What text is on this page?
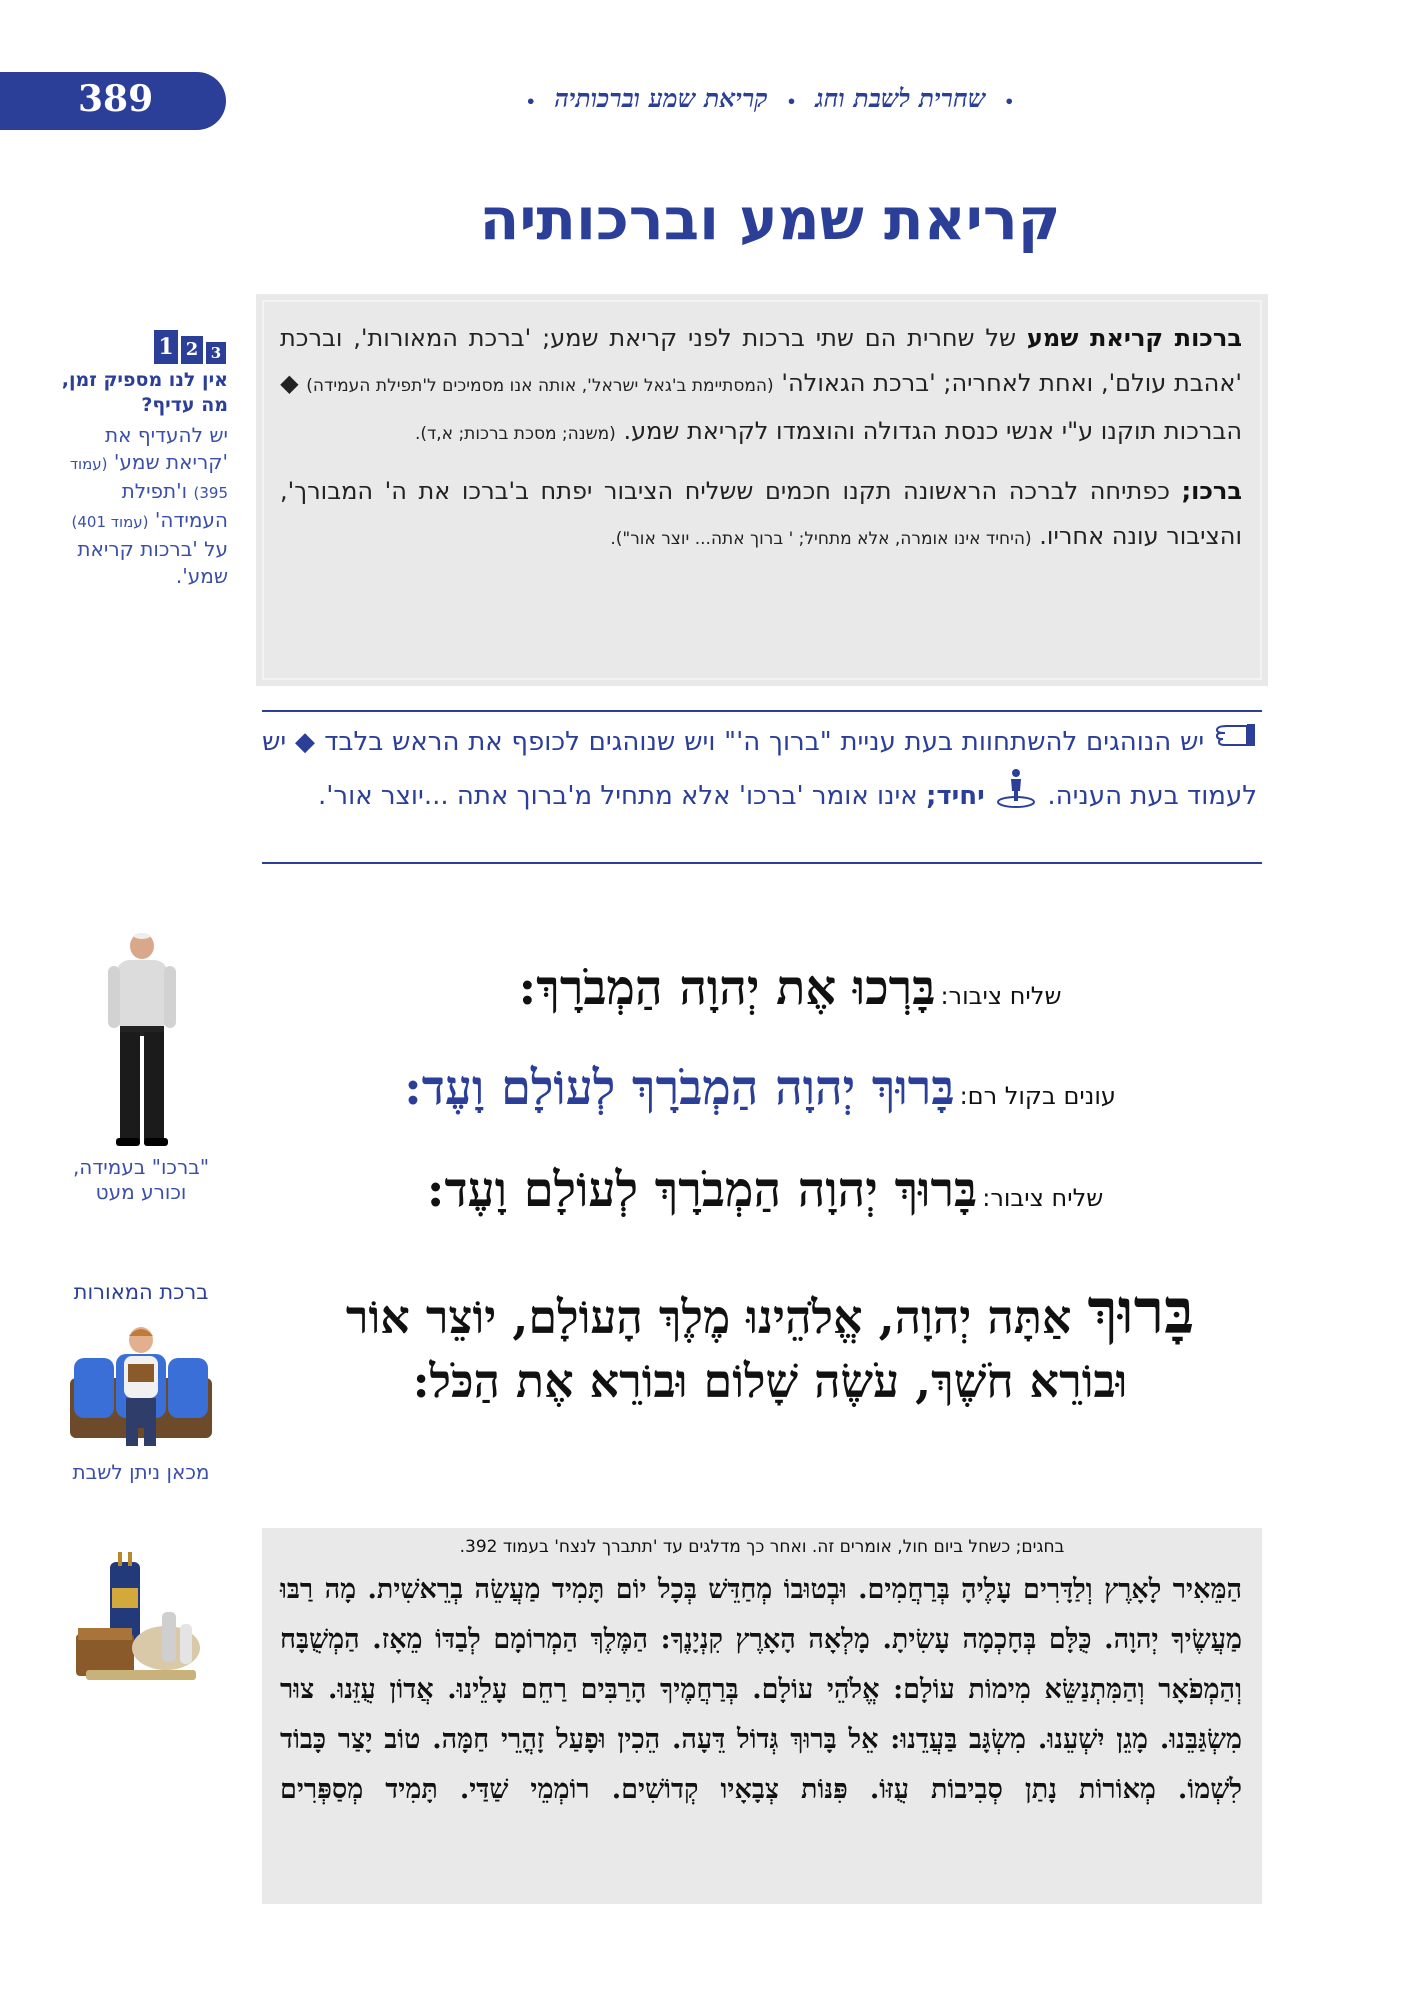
389	• שחרית לשבת וחג • קריאת שמע וברכותיה •
קריאת שמע וברכותיה

ברכות קריאת שמע של שחרית הם שתי ברכות לפני קריאת שמע; 'ברכת המאורות', וברכת 'אהבת עולם', ואחת לאחריה; 'ברכת הגאולה' (המסתיימת ב'גאל ישראל', אותה אנו מסמיכים ל'תפילת העמידה) ◆ הברכות תוקנו ע"י אנשי כנסת הגדולה והוצמדו לקריאת שמע. (משנה; מסכת ברכות; א,ד).

ברכו; כפתיחה לברכה הראשונה תקנו חכמים ששליח הציבור יפתח ב'ברכו את ה' המבורך', והציבור עונה אחריו. (היחיד אינו אומרה, אלא מתחיל; ' ברוך אתה... יוצר אור").

3
2
1
אין לנו מספיק זמן, מה עדיף?
יש להעדיף את 'קריאת שמע' (עמוד 395) ו'תפילת העמידה' (עמוד 401) על 'ברכות קריאת שמע'.
יש הנוהגים להשתחוות בעת עניית "ברוך ה'" ויש שנוהגים לכופף את הראש בלבד ◆ יש לעמוד בעת העניה.  יחיד; אינו אומר 'ברכו' אלא מתחיל מ'ברוך אתה ...יוצר אור'.
שליח ציבור: בָּרְכוּ אֶת יְהוָה הַמְבֹרָךְ:
עונים בקול רם: בָּרוּךְ יְהוָה הַמְבֹרָךְ לְעוֹלָם וָעֶד:
שליח ציבור: בָּרוּךְ יְהוָה הַמְבֹרָךְ לְעוֹלָם וָעֶד:
בָּרוּךְ אַתָּה יְהוָה, אֱלֹהֵינוּ מֶלֶךְ הָעוֹלָם, יוֹצֵר אוֹר
וּבוֹרֵא חֹשֶׁךְ, עֹשֶׂה שָׁלוֹם וּבוֹרֵא אֶת הַכֹּל:
"ברכו" בעמידה, וכורע מעט
ברכת המאורות
מכאן ניתן לשבת
בחגים; כשחל ביום חול, אומרים זה. ואחר כך מדלגים עד 'תתברך לנצח' בעמוד 392.
הַמֵּאִיר לָאָרֶץ וְלַדָּרִים עָלֶיהָ בְּרַחֲמִים. וּבְטוּבוֹ מְחַדֵּשׁ בְּכָל יוֹם תָּמִיד מַעֲשֵׂה בְרֵאשִׁית. מָה רַבּוּ מַעֲשֶׂיךָ יְהוָה. כֻּלָּם בְּחָכְמָה עָשִׂיתָ. מָלְאָה הָאָרֶץ קִנְיָנֶךָ: הַמֶּלֶךְ הַמְרוֹמָם לְבַדּוֹ מֵאָז. הַמְשֻׁבָּח וְהַמְפֹאָר וְהַמִּתְנַשֵּׂא מִימוֹת עוֹלָם: אֱלֹהֵי עוֹלָם. בְּרַחֲמֶיךָ הָרַבִּים רַחֵם עָלֵינוּ. אֲדוֹן עֻזֵּנוּ. צוּר מִשְׂגַּבֵּנוּ. מָגֵן יִשְׁעֵנוּ. מִשְׂגָּב בַּעֲדֵנוּ: אֵל בָּרוּךְ גְּדוֹל דֵּעָה. הֵכִין וּפָעַל זָהֳרֵי חַמָּה. טוֹב יָצַר כָּבוֹד לִשְׁמוֹ. מְאוֹרוֹת נָתַן סְבִיבוֹת עֻזּוֹ. פִּנּוֹת צְבָאָיו קְדוֹשִׁים. רוֹמְמֵי שַׁדַּי. תָּמִיד מְסַפְּרִים
